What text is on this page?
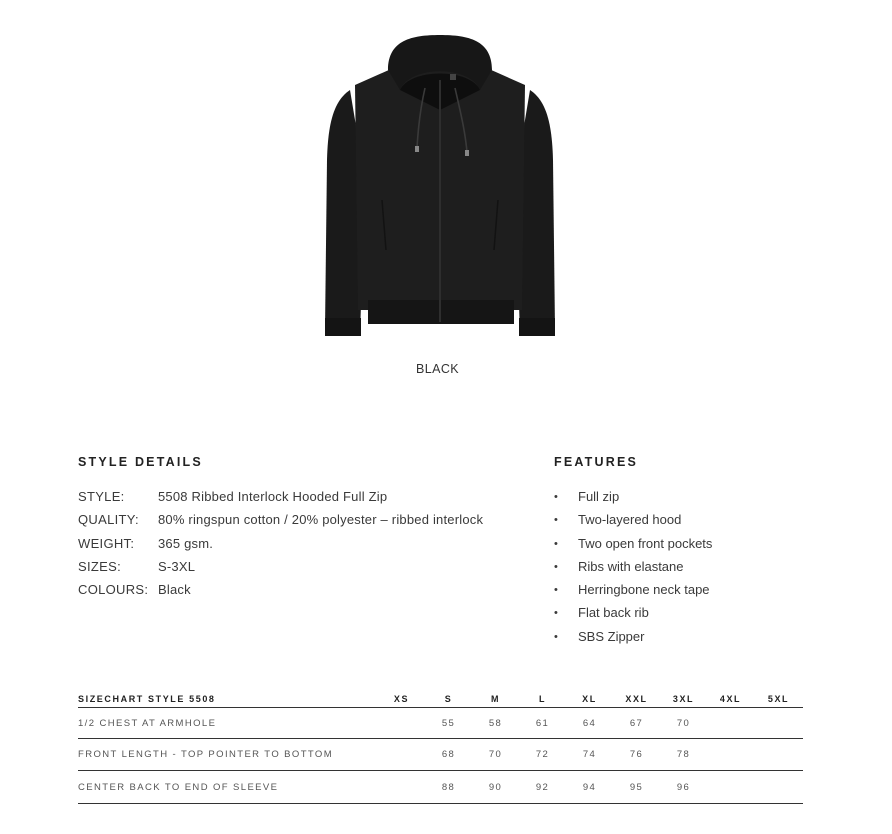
BLACK
STYLE DETAILS
STYLE:	5508 Ribbed Interlock Hooded Full Zip
QUALITY:	80% ringspun cotton / 20% polyester – ribbed interlock
WEIGHT:	365 gsm.
SIZES:	S-3XL
COLOURS: Black
FEATURES
•	Full zip
•	Two-layered hood
•	Two open front pockets
•	Ribs with elastane
•	Herringbone neck tape
•	Flat back rib
•	SBS Zipper
SIZECHART STYLE 5508	XS	S	M	L	XL	XXL	3XL	4XL	5XL
1/2 CHEST AT ARMHOLE		55	58	61	64	67	70		
FRONT LENGTH - TOP POINTER TO BOTTOM		68	70	72	74	76	78		
CENTER BACK TO END OF SLEEVE		88	90	92	94	95	96		
